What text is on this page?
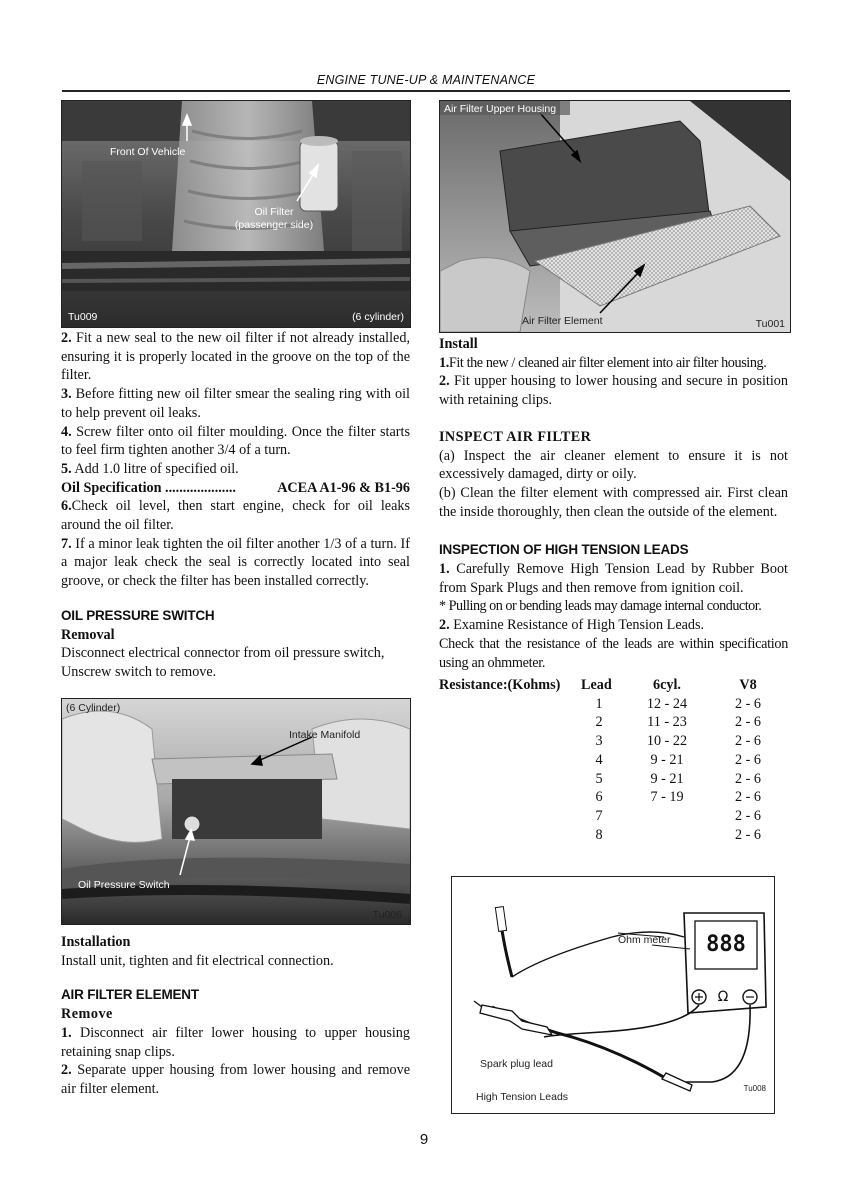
ENGINE TUNE-UP & MAINTENANCE
Front Of Vehicle
Oil Filter
(passenger side)
Tu009	(6 cylinder)
Air Filter Upper Housing
Air Filter Element	Tu001

2. Fit a new seal to the new oil filter if not already installed, ensuring it is properly located in the groove on the top of the filter.

3. Before fitting new oil filter smear the sealing ring with oil to help prevent oil leaks.

4. Screw filter onto oil filter moulding. Once the filter starts to feel firm tighten another 3/4 of a turn.

5. Add 1.0 litre of specified oil.

Oil Specification ....................	ACEA A1-96 & B1-96

6.Check oil level, then start engine, check for oil leaks around the oil filter.

7. If a minor leak tighten the oil filter another 1/3 of a turn. If a major leak check the seal is correctly located into seal groove, or check the filter has been installed correctly.

OIL PRESSURE SWITCH

Removal

Disconnect electrical connector from oil pressure switch, Unscrew switch to remove.

(6 Cylinder)
Intake Manifold
Oil Pressure Switch
Tu006

Installation

Install unit, tighten and fit electrical connection.

AIR FILTER ELEMENT

Remove

1. Disconnect air filter lower housing to upper housing retaining snap clips.

2. Separate upper housing from lower housing and remove air filter element.

Install

1.Fit the new / cleaned air filter element into air filter housing.

2. Fit upper housing to lower housing and secure in position with retaining clips.

INSPECT AIR FILTER

(a) Inspect the air cleaner element to ensure it is not excessively damaged, dirty or oily.

(b) Clean the filter element with compressed air. First clean the inside thoroughly, then clean the outside of the element.

INSPECTION OF HIGH TENSION LEADS

1. Carefully Remove High Tension Lead by Rubber Boot from Spark Plugs and then remove from ignition coil.

* Pulling on or bending leads may damage internal conductor.

2. Examine Resistance of High Tension Leads.

Check that the resistance of the leads are within specification using an ohmmeter.

Resistance:(Kohms)	Lead	6cyl.	V8
	1	12 - 24	2 - 6
	2	11 - 23	2 - 6
	3	10 - 22	2 - 6
	4	9 - 21	2 - 6
	5	9 - 21	2 - 6
	6	7 - 19	2 - 6
	7		2 - 6
	8		2 - 6
888
Ω
Ohm meter
Spark plug lead
High Tension Leads
Tu008
9
